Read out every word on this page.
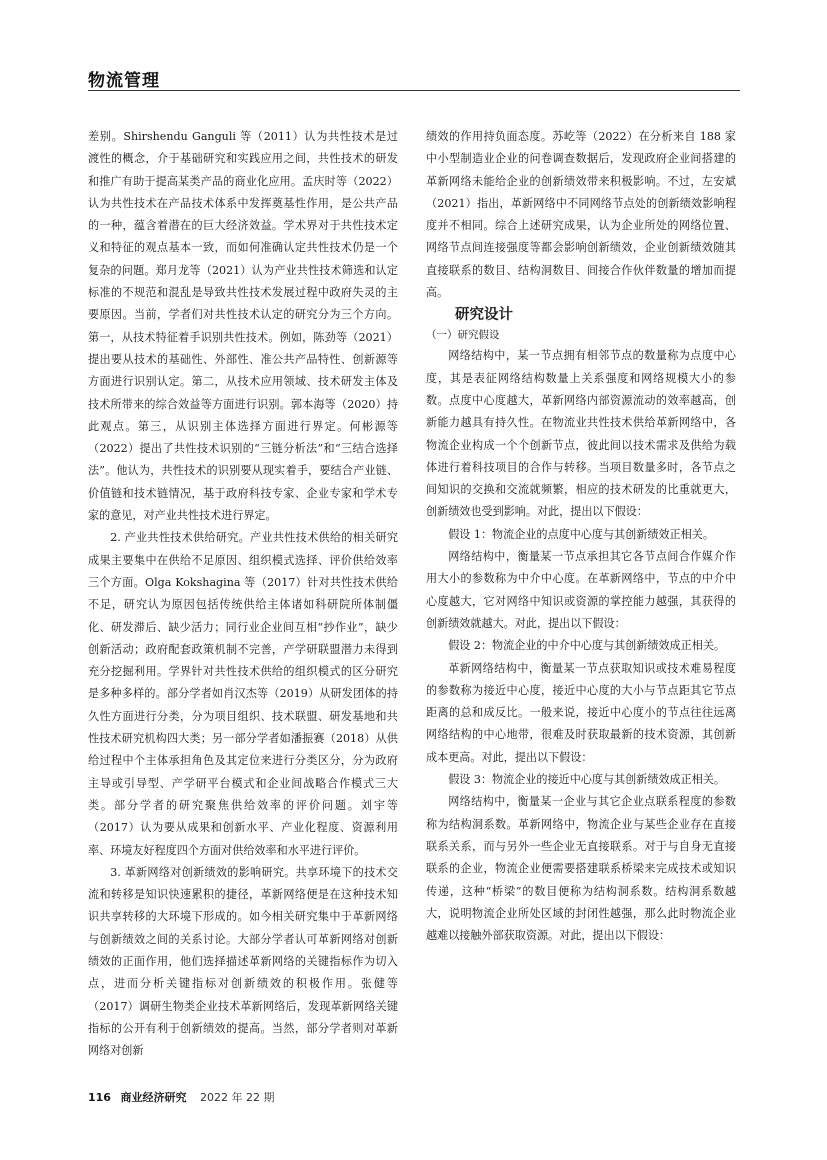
物流管理

差别。Shirshendu Ganguli 等（2011）认为共性技术是过渡性的概念，介于基础研究和实践应用之间，共性技术的研发和推广有助于提高某类产品的商业化应用。孟庆时等（2022）认为共性技术在产品技术体系中发挥奠基性作用，是公共产品的一种，蕴含着潜在的巨大经济效益。学术界对于共性技术定义和特征的观点基本一致，而如何准确认定共性技术仍是一个复杂的问题。郑月龙等（2021）认为产业共性技术筛选和认定标准的不规范和混乱是导致共性技术发展过程中政府失灵的主要原因。当前，学者们对共性技术认定的研究分为三个方向。第一，从技术特征着手识别共性技术。例如，陈劲等（2021）提出要从技术的基础性、外部性、准公共产品特性、创新源等方面进行识别认定。第二，从技术应用领域、技术研发主体及技术所带来的综合效益等方面进行识别。郭本海等（2020）持此观点。第三，从识别主体选择方面进行界定。何彬源等（2022）提出了共性技术识别的“三链分析法”和“三结合选择法”。他认为，共性技术的识别要从现实着手，要结合产业链、价值链和技术链情况，基于政府科技专家、企业专家和学术专家的意见，对产业共性技术进行界定。

2. 产业共性技术供给研究。产业共性技术供给的相关研究成果主要集中在供给不足原因、组织模式选择、评价供给效率三个方面。Olga Kokshagina 等（2017）针对共性技术供给不足，研究认为原因包括传统供给主体诸如科研院所体制僵化、研发滞后、缺少活力；同行业企业间互相“抄作业”，缺少创新活动；政府配套政策机制不完善，产学研联盟潜力未得到充分挖掘利用。学界针对共性技术供给的组织模式的区分研究是多种多样的。部分学者如肖汉杰等（2019）从研发团体的持久性方面进行分类，分为项目组织、技术联盟、研发基地和共性技术研究机构四大类；另一部分学者如潘振赛（2018）从供给过程中个主体承担角色及其定位来进行分类区分，分为政府主导或引导型、产学研平台模式和企业间战略合作模式三大类。部分学者的研究聚焦供给效率的评价问题。刘宇等（2017）认为要从成果和创新水平、产业化程度、资源利用率、环境友好程度四个方面对供给效率和水平进行评价。

3. 革新网络对创新绩效的影响研究。共享环境下的技术交流和转移是知识快速累积的捷径，革新网络便是在这种技术知识共享转移的大环境下形成的。如今相关研究集中于革新网络与创新绩效之间的关系讨论。大部分学者认可革新网络对创新绩效的正面作用，他们选择描述革新网络的关键指标作为切入点，进而分析关键指标对创新绩效的积极作用。张健等（2017）调研生物类企业技术革新网络后，发现革新网络关键指标的公开有利于创新绩效的提高。当然，部分学者则对革新网络对创新

绩效的作用持负面态度。苏屹等（2022）在分析来自 188 家中小型制造业企业的问卷调查数据后，发现政府企业间搭建的革新网络未能给企业的创新绩效带来积极影响。不过，左安斌（2021）指出，革新网络中不同网络节点处的创新绩效影响程度并不相同。综合上述研究成果，认为企业所处的网络位置、网络节点间连接强度等都会影响创新绩效，企业创新绩效随其直接联系的数目、结构洞数目、间接合作伙伴数量的增加而提高。

研究设计

（一）研究假设

网络结构中，某一节点拥有相邻节点的数量称为点度中心度，其是表征网络结构数量上关系强度和网络规模大小的参数。点度中心度越大，革新网络内部资源流动的效率越高，创新能力越具有持久性。在物流业共性技术供给革新网络中，各物流企业构成一个个创新节点，彼此间以技术需求及供给为载体进行着科技项目的合作与转移。当项目数量多时，各节点之间知识的交换和交流就频繁，相应的技术研发的比重就更大，创新绩效也受到影响。对此，提出以下假设：

假设 1：物流企业的点度中心度与其创新绩效正相关。

网络结构中，衡量某一节点承担其它各节点间合作媒介作用大小的参数称为中介中心度。在革新网络中，节点的中介中心度越大，它对网络中知识或资源的掌控能力越强，其获得的创新绩效就越大。对此，提出以下假设：

假设 2：物流企业的中介中心度与其创新绩效成正相关。

革新网络结构中，衡量某一节点获取知识或技术难易程度的参数称为接近中心度，接近中心度的大小与节点距其它节点距离的总和成反比。一般来说，接近中心度小的节点往往远离网络结构的中心地带，很难及时获取最新的技术资源，其创新成本更高。对此，提出以下假设：

假设 3：物流企业的接近中心度与其创新绩效成正相关。

网络结构中，衡量某一企业与其它企业点联系程度的参数称为结构洞系数。革新网络中，物流企业与某些企业存在直接联系关系，而与另外一些企业无直接联系。对于与自身无直接联系的企业，物流企业便需要搭建联系桥梁来完成技术或知识传递，这种“桥梁”的数目便称为结构洞系数。结构洞系数越大，说明物流企业所处区域的封闭性越强，那么此时物流企业越难以接触外部获取资源。对此，提出以下假设：

116 商业经济研究 2022 年 22 期
